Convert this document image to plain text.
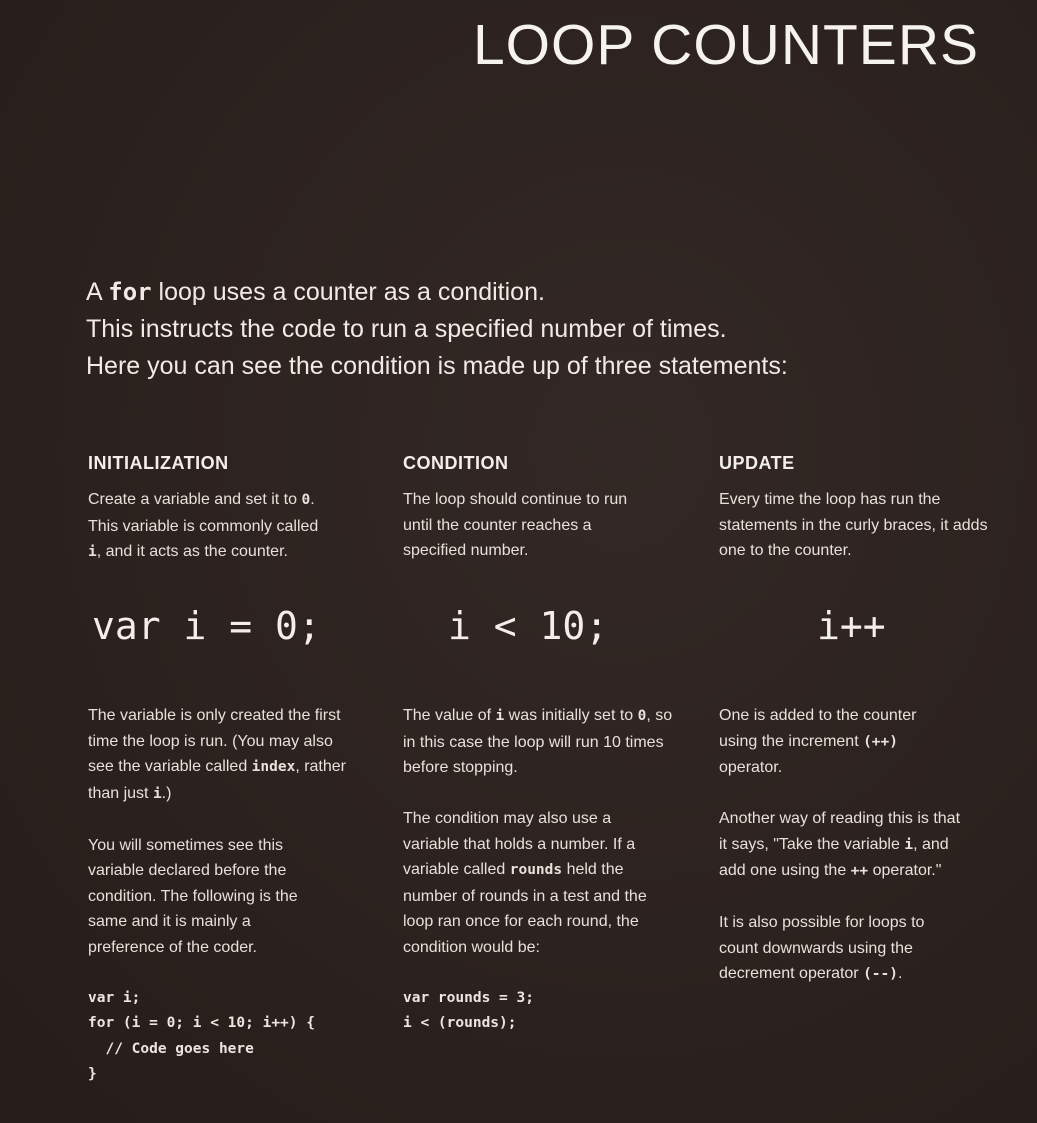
LOOP COUNTERS
A for loop uses a counter as a condition.
This instructs the code to run a specified number of times.
Here you can see the condition is made up of three statements:
INITIALIZATION

Create a variable and set it to 0.
This variable is commonly called
i, and it acts as the counter.

CONDITION

The loop should continue to run until the counter reaches a specified number.

UPDATE

Every time the loop has run the statements in the curly braces, it adds one to the counter.

var i = 0;	i < 10;	i++

The variable is only created the first time the loop is run. (You may also see the variable called index, rather than just i.)

You will sometimes see this variable declared before the condition. The following is the same and it is mainly a preference of the coder.

var i;
for (i = 0; i < 10; i++) {
// Code goes here
}

The value of i was initially set to 0, so in this case the loop will run 10 times before stopping.

The condition may also use a variable that holds a number. If a variable called rounds held the number of rounds in a test and the loop ran once for each round, the condition would be:

var rounds = 3;
i < (rounds);

One is added to the counter using the increment (++) operator.

Another way of reading this is that it says, "Take the variable i, and add one using the ++ operator."

It is also possible for loops to count downwards using the decrement operator (--).
